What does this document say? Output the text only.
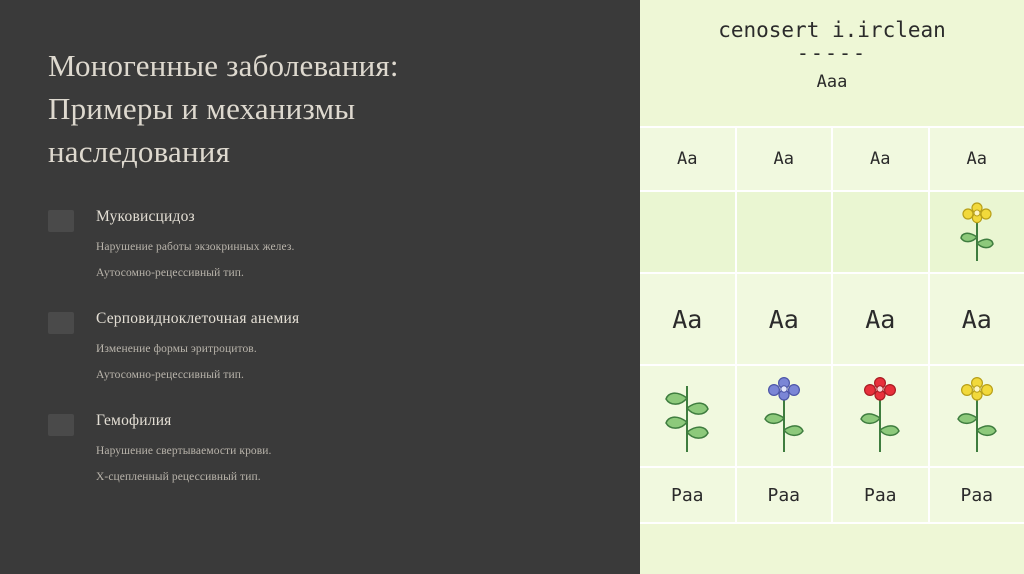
Моногенные заболевания:
Примеры и механизмы
наследования

Муковисцидоз

Нарушение работы экзокринных желез.

Аутосомно-рецессивный тип.

Серповидноклеточная анемия

Изменение формы эритроцитов.

Аутосомно-рецессивный тип.

Гемофилия

Нарушение свертываемости крови.

X-сцепленный рецессивный тип.

cenosert i.irclean
-----
Aaa
Aa	Aa	Aa	Aa
Aa	Aa	Aa	Aa
Paa	Paa	Paa	Paa
